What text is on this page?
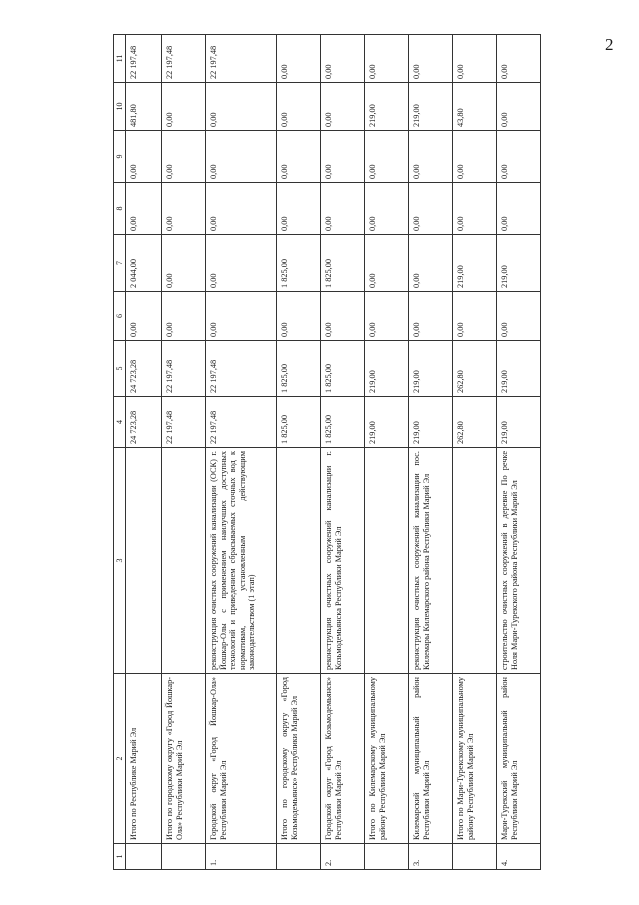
2
1	2	3	4	5	6	7	8	9	10	11
	Итого по Республике Марий Эл		24 723,28	24 723,28	0,00	2 044,00	0,00	0,00	481,80	22 197,48
	Итого по городскому округу «Город Йошкар-Ола» Республики Марий Эл		22 197,48	22 197,48	0,00	0,00	0,00	0,00	0,00	22 197,48
1.	Городской округ «Город Йошкар-Ола» Республики Марий Эл	реконструкция очистных сооружений канализации (ОСК) г. Йошкар-Олы с применением наилучших доступных технологий и приведением сбрасываемых сточных вод к нормативам, установленным действующим законодательством (1 этап)	22 197,48	22 197,48	0,00	0,00	0,00	0,00	0,00	22 197,48
	Итого по городскому округу «Город Козьмодемьянск» Республики Марий Эл		1 825,00	1 825,00	0,00	1 825,00	0,00	0,00	0,00	0,00
2.	Городской округ «Город Козьмодемьянск» Республики Марий Эл	реконструкция очистных сооружений канализации г. Козьмодемьянска Республики Марий Эл	1 825,00	1 825,00	0,00	1 825,00	0,00	0,00	0,00	0,00
	Итого по Килемарскому муниципальному району Республики Марий Эл		219,00	219,00	0,00	0,00	0,00	0,00	219,00	0,00
3.	Килемарский муниципальный район Республики Марий Эл	реконструкция очистных сооружений канализации пос. Килемары Килемарского района Республики Марий Эл	219,00	219,00	0,00	0,00	0,00	0,00	219,00	0,00
	Итого по Мари-Турекскому муниципальному району Республики Марий Эл		262,80	262,80	0,00	219,00	0,00	0,00	43,80	0,00
4.	Мари-Турекский муниципальный район Республики Марий Эл	строительство очистных сооружений в деревне По речке Ноля Мари-Турекского района Республики Марий Эл	219,00	219,00	0,00	219,00	0,00	0,00	0,00	0,00
